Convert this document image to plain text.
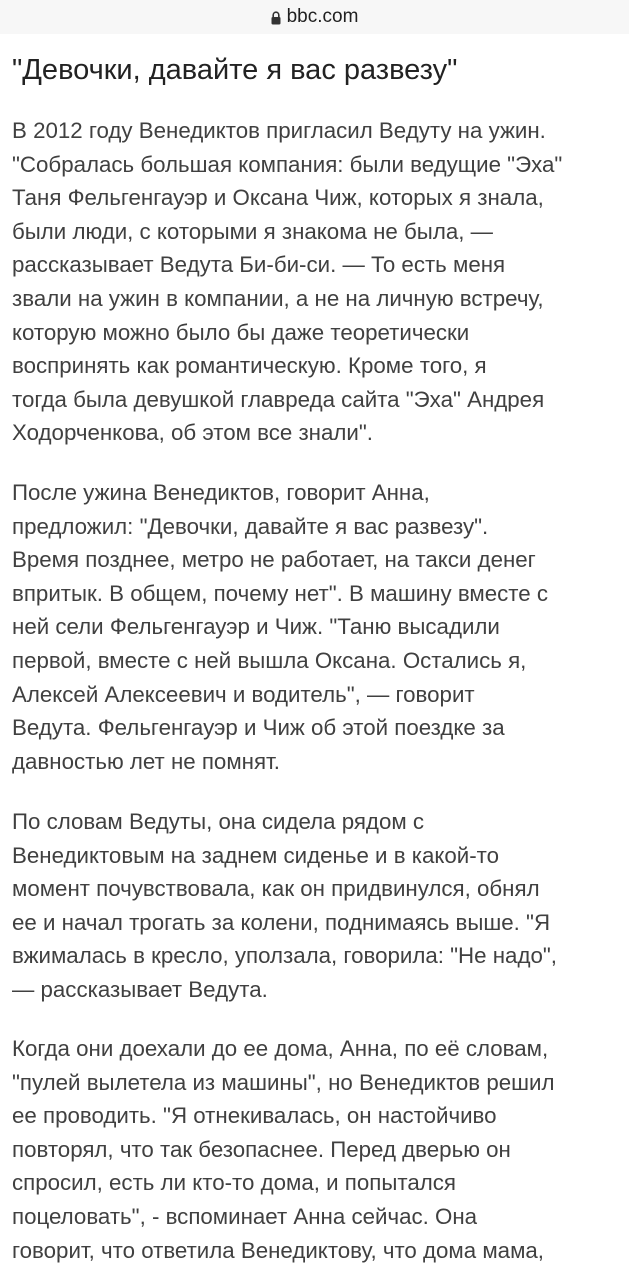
bbc.com
"Девочки, давайте я вас развезу"

В 2012 году Венедиктов пригласил Ведуту на ужин.
"Собралась большая компания: были ведущие "Эха"
Таня Фельгенгауэр и Оксана Чиж, которых я знала,
были люди, с которыми я знакома не была, —
рассказывает Ведута Би-би-си. — То есть меня
звали на ужин в компании, а не на личную встречу,
которую можно было бы даже теоретически
воспринять как романтическую. Кроме того, я
тогда была девушкой главреда сайта "Эха" Андрея
Ходорченкова, об этом все знали".

После ужина Венедиктов, говорит Анна,
предложил: "Девочки, давайте я вас развезу".
Время позднее, метро не работает, на такси денег
впритык. В общем, почему нет". В машину вместе с
ней сели Фельгенгауэр и Чиж. "Таню высадили
первой, вместе с ней вышла Оксана. Остались я,
Алексей Алексеевич и водитель", — говорит
Ведута. Фельгенгауэр и Чиж об этой поездке за
давностью лет не помнят.

По словам Ведуты, она сидела рядом с
Венедиктовым на заднем сиденье и в какой-то
момент почувствовала, как он придвинулся, обнял
ее и начал трогать за колени, поднимаясь выше. "Я
вжималась в кресло, уползала, говорила: "Не надо",
— рассказывает Ведута.

Когда они доехали до ее дома, Анна, по её словам,
"пулей вылетела из машины", но Венедиктов решил
ее проводить. "Я отнекивалась, он настойчиво
повторял, что так безопаснее. Перед дверью он
спросил, есть ли кто-то дома, и попытался
поцеловать", - вспоминает Анна сейчас. Она
говорит, что ответила Венедиктову, что дома мама,
